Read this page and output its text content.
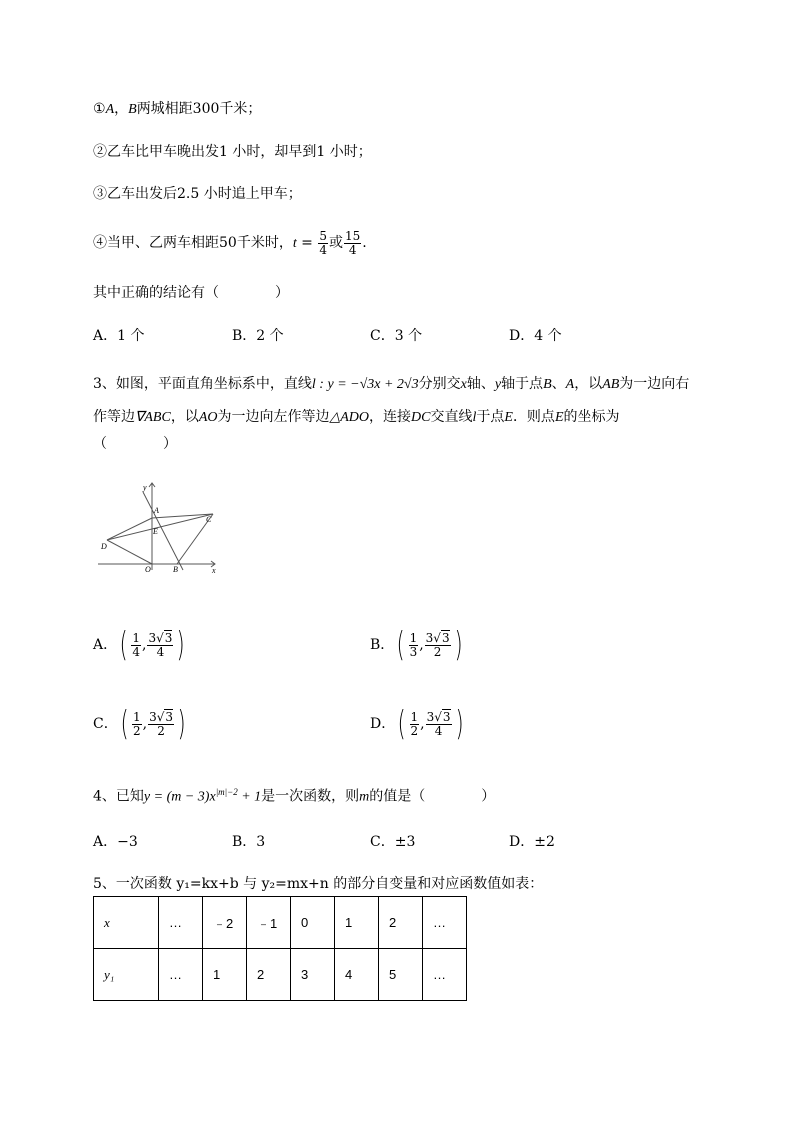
①A，B两城相距300千米；
②乙车比甲车晚出发1 小时，却早到1 小时；
③乙车出发后2.5 小时追上甲车；
④当甲、乙两车相距50千米时，$t = \frac{5}{4}$ 或 $\frac{15}{4}$ .
其中正确的结论有（　　　　）
A．1 个	B．2 个	C．3 个	D．4 个
3、如图，平面直角坐标系中，直线l : y = −√3x + 2√3分别交x轴、y轴于点B、A，以AB为一边向右
作等边∇ABC，以AO为一边向左作等边△ADO，连接DC交直线l于点E．则点E的坐标为
（　　　　）
y
x
A
C
E
D
O	B
A．( $\frac{1}{4}$ , $\frac{3√3}{4}$ )	B．( $\frac{1}{3}$ , $\frac{3√3}{2}$ )
C．( $\frac{1}{2}$ , $\frac{3√3}{2}$ )	D．( $\frac{1}{2}$ , $\frac{3√3}{4}$ )
4、已知$y = (m - 3)x^{|m|-2} + 1$是一次函数，则m的值是（　　　　）
A．−3	B．3	C．±3	D．±2
5、一次函数 y₁=kx+b 与 y₂=mx+n 的部分自变量和对应函数值如表：
x	…	﹣2	﹣1	0	1	2	…
y₁	…	1	2	3	4	5	…
